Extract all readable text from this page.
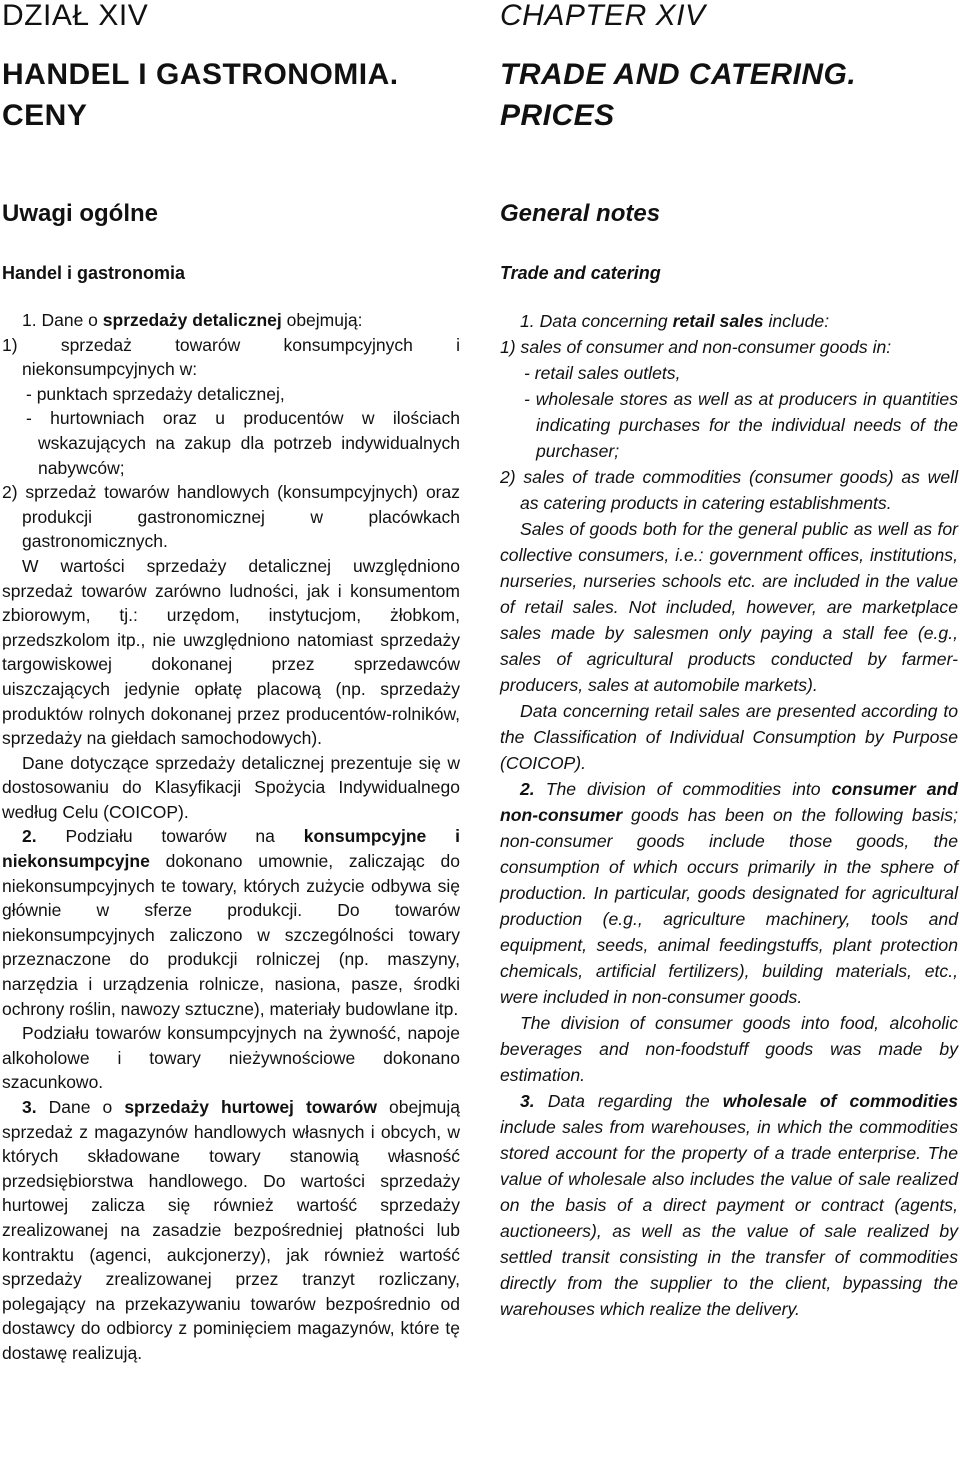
DZIAŁ XIV
HANDEL I GASTRONOMIA.
CENY
Uwagi ogólne
Handel i gastronomia

1. Dane o sprzedaży detalicznej obejmują:

1) sprzedaż towarów konsumpcyjnych i niekonsumpcyjnych w:

- punktach sprzedaży detalicznej,

- hurtowniach oraz u producentów w ilościach wskazujących na zakup dla potrzeb indywidualnych nabywców;

2) sprzedaż towarów handlowych (konsumpcyjnych) oraz produkcji gastronomicznej w placówkach gastronomicznych.

W wartości sprzedaży detalicznej uwzględniono sprzedaż towarów zarówno ludności, jak i konsumentom zbiorowym, tj.: urzędom, instytucjom, żłobkom, przedszkolom itp., nie uwzględniono natomiast sprzedaży targowiskowej dokonanej przez sprzedawców uiszczających jedynie opłatę placową (np. sprzedaży produktów rolnych dokonanej przez producentów-rolników, sprzedaży na giełdach samochodowych).

Dane dotyczące sprzedaży detalicznej prezentuje się w dostosowaniu do Klasyfikacji Spożycia Indywidualnego według Celu (COICOP).

2. Podziału towarów na konsumpcyjne i niekonsumpcyjne dokonano umownie, zaliczając do niekonsumpcyjnych te towary, których zużycie odbywa się głównie w sferze produkcji. Do towarów niekonsumpcyjnych zaliczono w szczególności towary przeznaczone do produkcji rolniczej (np. maszyny, narzędzia i urządzenia rolnicze, nasiona, pasze, środki ochrony roślin, nawozy sztuczne), materiały budowlane itp.

Podziału towarów konsumpcyjnych na żywność, napoje alkoholowe i towary nieżywnościowe dokonano szacunkowo.

3. Dane o sprzedaży hurtowej towarów obejmują sprzedaż z magazynów handlowych własnych i obcych, w których składowane towary stanowią własność przedsiębiorstwa handlowego. Do wartości sprzedaży hurtowej zalicza się również wartość sprzedaży zrealizowanej na zasadzie bezpośredniej płatności lub kontraktu (agenci, aukcjonerzy), jak również wartość sprzedaży zrealizowanej przez tranzyt rozliczany, polegający na przekazywaniu towarów bezpośrednio od dostawcy do odbiorcy z pominięciem magazynów, które tę dostawę realizują.

CHAPTER XIV
TRADE AND CATERING.
PRICES
General notes
Trade and catering

1. Data concerning retail sales include:

1) sales of consumer and non-consumer goods in:

- retail sales outlets,

- wholesale stores as well as at producers in quantities indicating purchases for the individual needs of the purchaser;

2) sales of trade commodities (consumer goods) as well as catering products in catering establishments.

Sales of goods both for the general public as well as for collective consumers, i.e.: government offices, institutions, nurseries, nurseries schools etc. are included in the value of retail sales. Not included, however, are marketplace sales made by salesmen only paying a stall fee (e.g., sales of agricultural products conducted by farmer-producers, sales at automobile markets).

Data concerning retail sales are presented according to the Classification of Individual Consumption by Purpose (COICOP).

2. The division of commodities into consumer and non-consumer goods has been on the following basis; non-consumer goods include those goods, the consumption of which occurs primarily in the sphere of production. In particular, goods designated for agricultural production (e.g., agriculture machinery, tools and equipment, seeds, animal feedingstuffs, plant protection chemicals, artificial fertilizers), building materials, etc., were included in non-consumer goods.

The division of consumer goods into food, alcoholic beverages and non-foodstuff goods was made by estimation.

3. Data regarding the wholesale of commodities include sales from warehouses, in which the commodities stored account for the property of a trade enterprise. The value of wholesale also includes the value of sale realized on the basis of a direct payment or contract (agents, auctioneers), as well as the value of sale realized by settled transit consisting in the transfer of commodities directly from the supplier to the client, bypassing the warehouses which realize the delivery.
